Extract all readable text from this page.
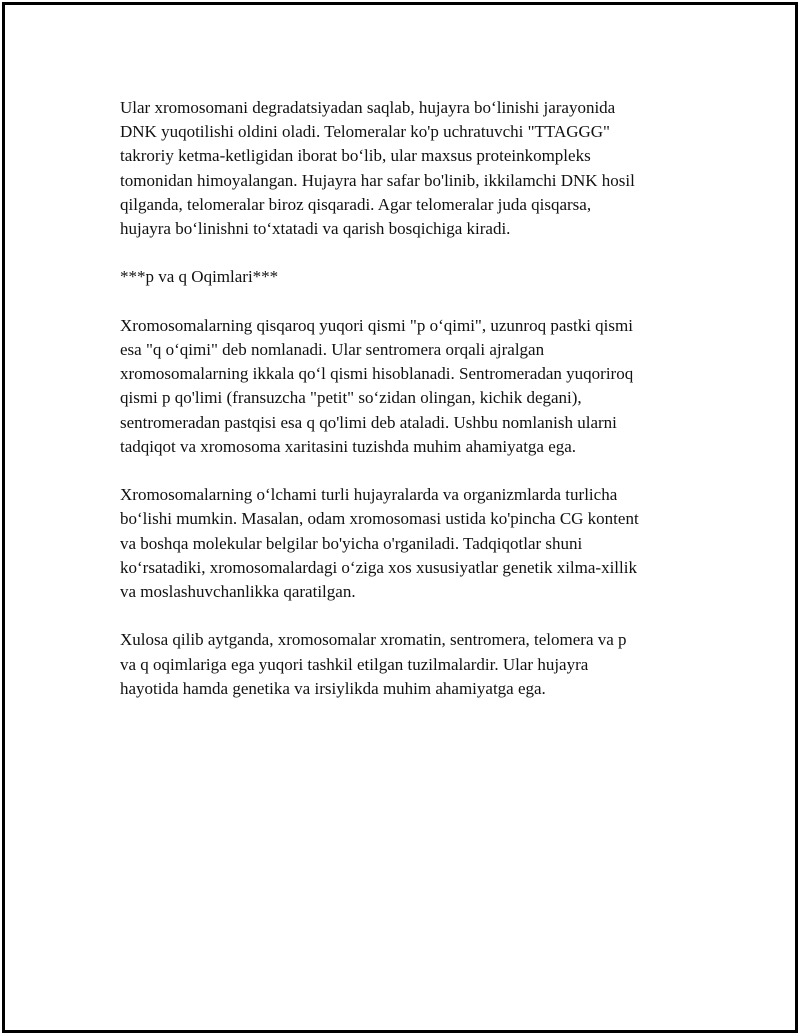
Ular xromosomani degradatsiyadan saqlab, hujayra bo‘linishi jarayonida
DNK yuqotilishi oldini oladi. Telomeralar ko'p uchratuvchi "TTAGGG"
takroriy ketma-ketligidan iborat bo‘lib, ular maxsus proteinkompleks
tomonidan himoyalangan. Hujayra har safar bo'linib, ikkilamchi DNK hosil
qilganda, telomeralar biroz qisqaradi. Agar telomeralar juda qisqarsa,
hujayra bo‘linishni to‘xtatadi va qarish bosqichiga kiradi.

***p va q Oqimlari***

Xromosomalarning qisqaroq yuqori qismi "p o‘qimi", uzunroq pastki qismi
esa "q o‘qimi" deb nomlanadi. Ular sentromera orqali ajralgan
xromosomalarning ikkala qo‘l qismi hisoblanadi. Sentromeradan yuqoriroq
qismi p qo'limi (fransuzcha "petit" so‘zidan olingan, kichik degani),
sentromeradan pastqisi esa q qo'limi deb ataladi. Ushbu nomlanish ularni
tadqiqot va xromosoma xaritasini tuzishda muhim ahamiyatga ega.

Xromosomalarning o‘lchami turli hujayralarda va organizmlarda turlicha
bo‘lishi mumkin. Masalan, odam xromosomasi ustida ko'pincha CG kontent
va boshqa molekular belgilar bo'yicha o'rganiladi. Tadqiqotlar shuni
ko‘rsatadiki, xromosomalardagi o‘ziga xos xususiyatlar genetik xilma-xillik
va moslashuvchanlikka qaratilgan.

Xulosa qilib aytganda, xromosomalar xromatin, sentromera, telomera va p
va q oqimlariga ega yuqori tashkil etilgan tuzilmalardir. Ular hujayra
hayotida hamda genetika va irsiylikda muhim ahamiyatga ega.
